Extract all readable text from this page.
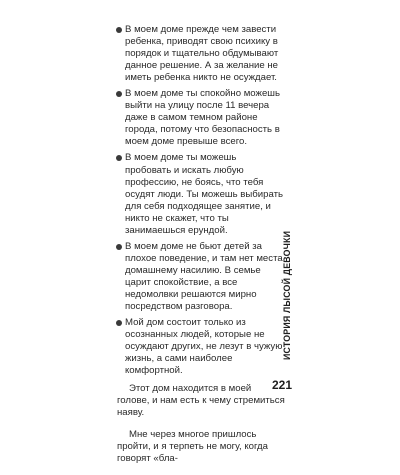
В моем доме прежде чем завести ребенка, приводят свою психику в порядок и тщательно обдумывают данное решение. А за желание не иметь ребенка никто не осуждает.
В моем доме ты спокойно можешь выйти на улицу после 11 вечера даже в самом темном районе города, потому что безопасность в моем доме превыше всего.
В моем доме ты можешь пробовать и искать любую профессию, не боясь, что тебя осудят люди. Ты можешь выбирать для себя подходящее занятие, и никто не скажет, что ты занимаешься ерундой.
В моем доме не бьют детей за плохое поведение, и там нет места домашнему насилию. В семье царит спокойствие, а все недомолвки решаются мирно посредством разговора.
Мой дом состоит только из осознанных людей, которые не осуждают других, не лезут в чужую жизнь, а сами наиболее комфортной.

Этот дом находится в моей голове, и нам есть к чему стремиться наяву.

Мне через многое пришлось пройти, и я терпеть не могу, когда говорят «бла-

ИСТОРИЯ ЛЫСОЙ ДЕВОЧКИ
221
